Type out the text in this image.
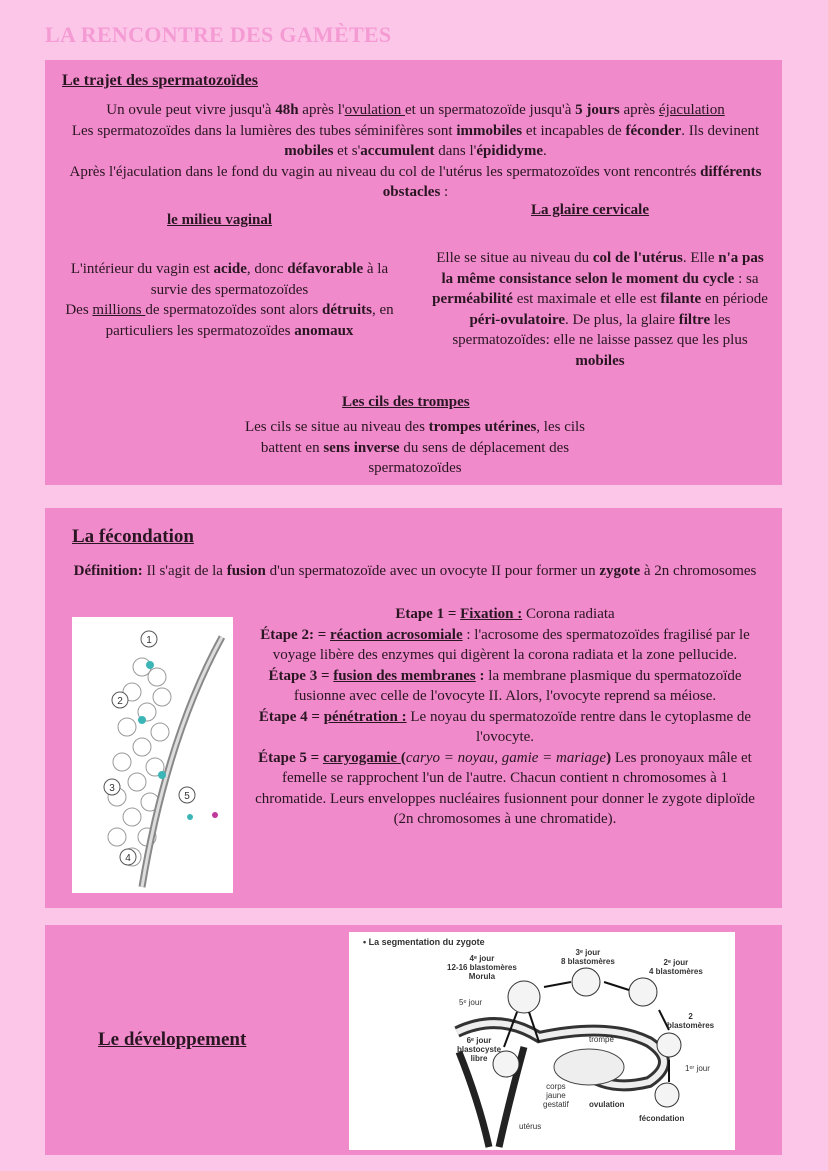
LA RENCONTRE DES GAMÈTES
Le trajet des spermatozoïdes
Un ovule peut vivre jusqu'à 48h après l'ovulation et un spermatozoïde jusqu'à 5 jours après éjaculation
Les spermatozoïdes dans la lumières des tubes séminifères sont immobiles et incapables de féconder. Ils devinent mobiles et s'accumulent dans l'épididyme.
Après l'éjaculation dans le fond du vagin au niveau du col de l'utérus les spermatozoïdes vont rencontrés différents obstacles :
le milieu vaginal
L'intérieur du vagin est acide, donc défavorable à la survie des spermatozoïdes
Des millions de spermatozoïdes sont alors détruits, en particuliers les spermatozoïdes anomaux
La glaire cervicale
Elle se situe au niveau du col de l'utérus. Elle n'a pas la même consistance selon le moment du cycle : sa perméabilité est maximale et elle est filante en période péri-ovulatoire. De plus, la glaire filtre les spermatozoïdes: elle ne laisse passez que les plus mobiles
Les cils des trompes
Les cils se situe au niveau des trompes utérines, les cils battent en sens inverse du sens de déplacement des spermatozoïdes
La fécondation
Définition: Il s'agit de la fusion d'un spermatozoïde avec un ovocyte II pour former un zygote à 2n chromosomes
Etape 1 = Fixation : Corona radiata
Étape 2: = réaction acrosomiale : l'acrosome des spermatozoïdes fragilisé par le voyage libère des enzymes qui digèrent la corona radiata et la zone pellucide.
Étape 3 = fusion des membranes : la membrane plasmique du spermatozoïde fusionne avec celle de l'ovocyte II. Alors, l'ovocyte reprend sa méiose.
Étape 4 = pénétration : Le noyau du spermatozoïde rentre dans le cytoplasme de l'ovocyte.
Étape 5 = caryogamie (caryo = noyau, gamie = mariage) Les pronoyaux mâle et femelle se rapprochent l'un de l'autre. Chacun contient n chromosomes à 1 chromatide. Leurs enveloppes nucléaires fusionnent pour donner le zygote diploïde (2n chromosomes à une chromatide).
1
2
3
4
5
Le développement
• La segmentation du zygote
4ᵉ jour
12-16 blastomères
Morula
3ᵉ jour
8 blastomères	2ᵉ jour
4 blastomères
2
blastomères
1ᵉʳ jour
fécondation
ovulation
corps
jaune
gestatif
trompe
5ᵉ jour
6ᵉ jour
blastocyste
libre
utérus
